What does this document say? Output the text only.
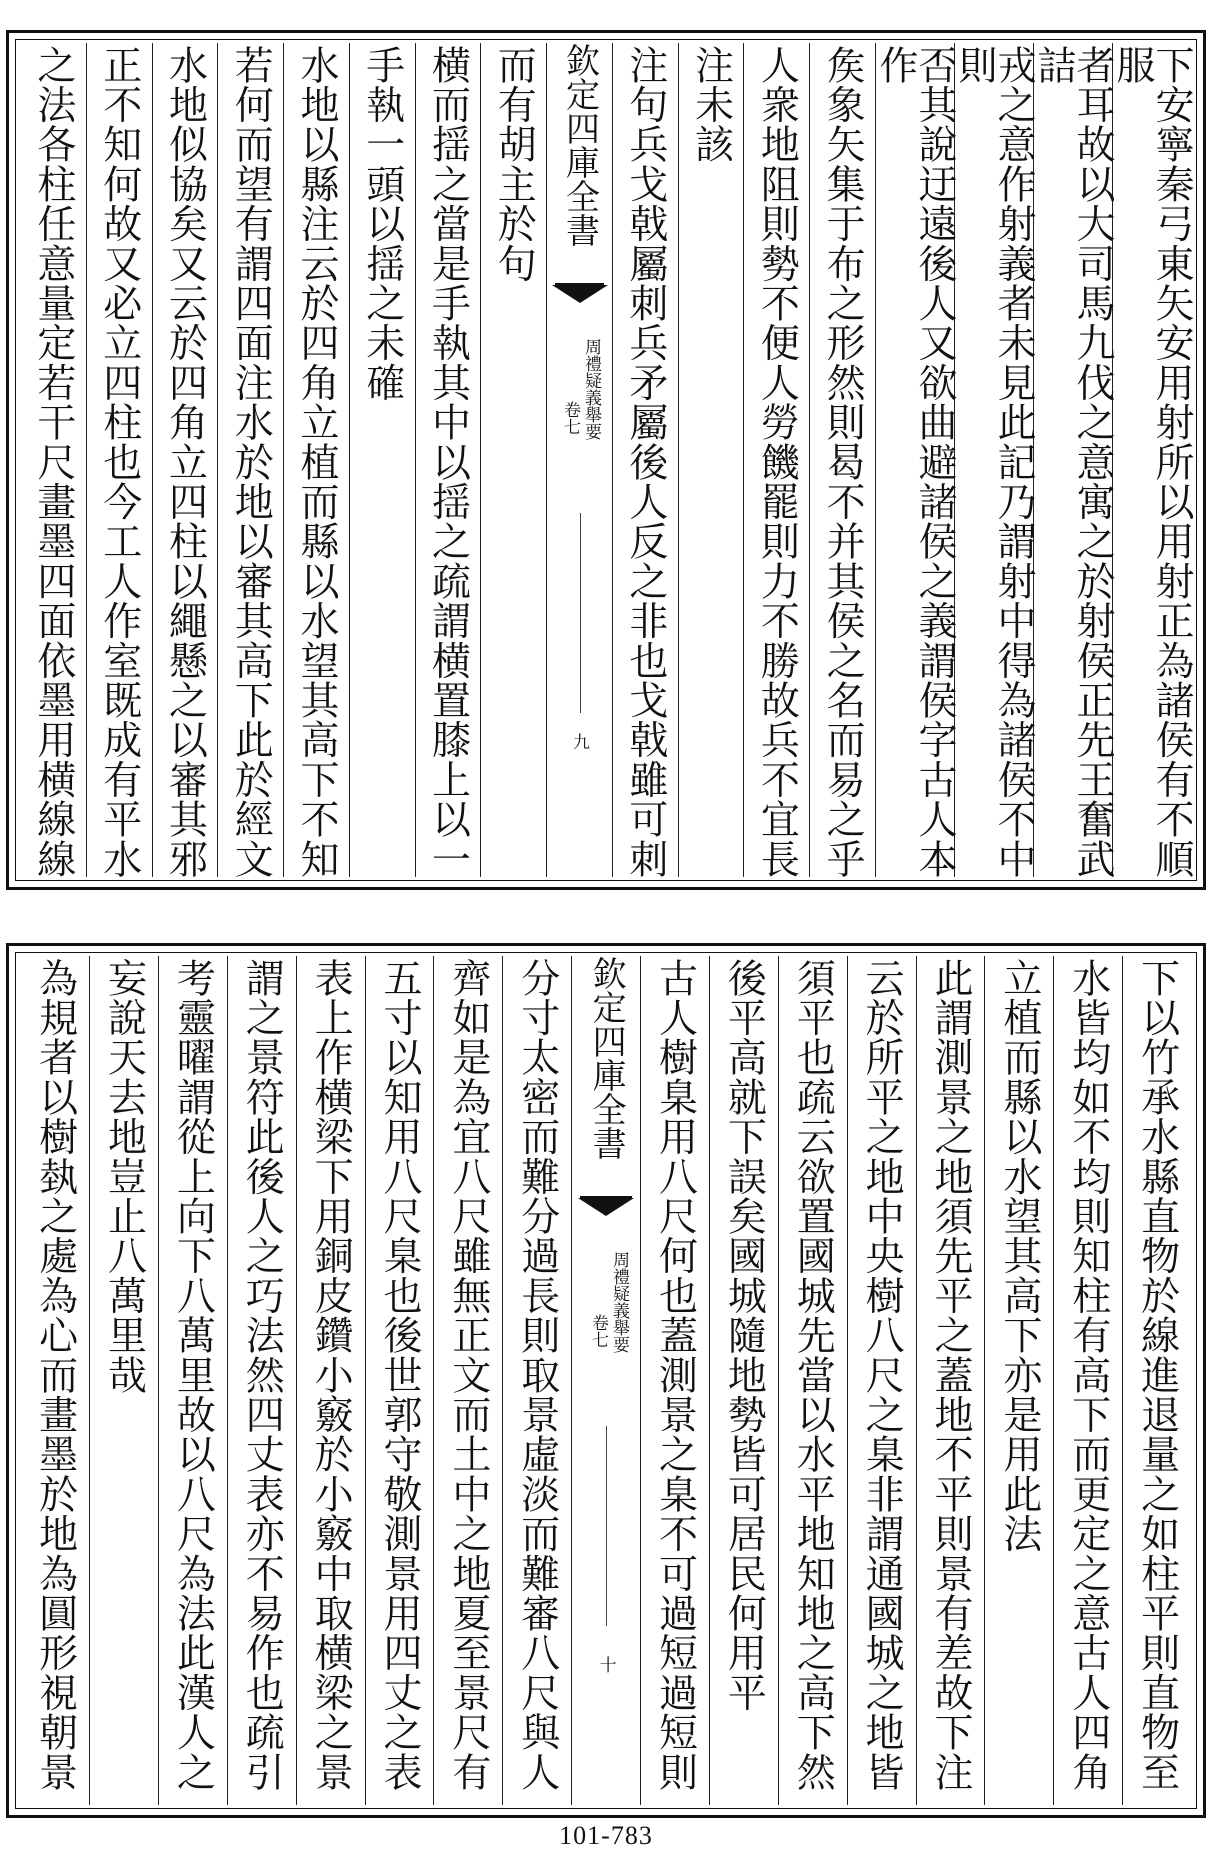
下安寧秦弓東矢安用射所以用射正為諸侯有不順服
者耳故以大司馬九伐之意寓之於射侯正先王奮武詰
戎之意作射義者未見此記乃謂射中得為諸侯不中則
否其說迂遠後人又欲曲避諸侯之義謂侯字古人本作
矦象矢集于布之形然則曷不并其侯之名而易之乎
人衆地阻則勢不便人勞饑罷則力不勝故兵不宜長
注未該
注句兵戈戟屬刺兵矛屬後人反之非也戈戟雖可刺
欽定四庫全書
周禮疑義舉要
卷七
九
而有胡主於句
横而揺之當是手執其中以揺之疏謂横置膝上以一
手執一頭以揺之未確
水地以縣注云於四角立植而縣以水望其高下不知
若何而望有謂四面注水於地以審其高下此於經文
水地似協矣又云於四角立四柱以繩懸之以審其邪
正不知何故又必立四柱也今工人作室既成有平水
之法各柱任意量定若干尺畫墨四面依墨用横線線
下以竹承水縣直物於線進退量之如柱平則直物至
水皆均如不均則知柱有高下而更定之意古人四角
立植而縣以水望其高下亦是用此法
此謂測景之地須先平之蓋地不平則景有差故下注
云於所平之地中央樹八尺之臬非謂通國城之地皆
須平也疏云欲置國城先當以水平地知地之高下然
後平高就下誤矣國城隨地勢皆可居民何用平
古人樹臬用八尺何也蓋測景之臬不可過短過短則
欽定四庫全書
周禮疑義舉要
卷七
十
分寸太密而難分過長則取景虛淡而難審八尺與人
齊如是為宜八尺雖無正文而土中之地夏至景尺有
五寸以知用八尺臬也後世郭守敬測景用四丈之表
表上作横梁下用銅皮鑽小竅於小竅中取横梁之景
謂之景符此後人之巧法然四丈表亦不易作也疏引
考靈曜謂從上向下八萬里故以八尺為法此漢人之
妄說天去地豈止八萬里哉
為規者以樹埶之處為心而畫墨於地為圓形視朝景
101-783
